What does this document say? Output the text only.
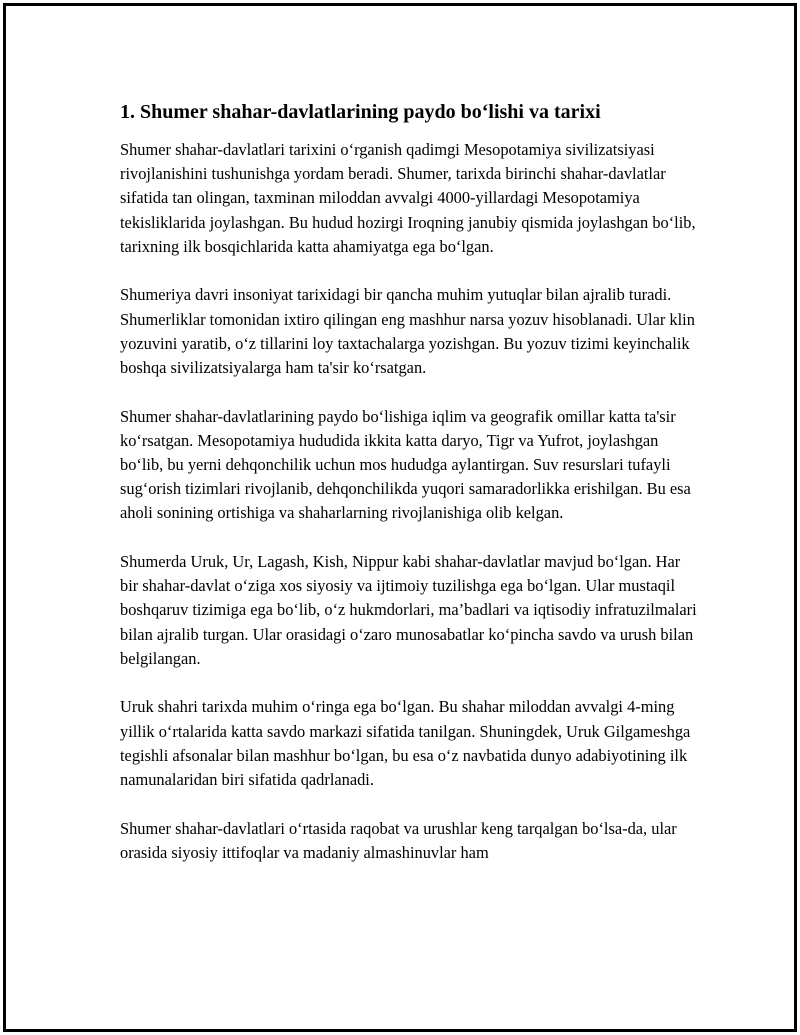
1. Shumer shahar-davlatlarining paydo bo‘lishi va tarixi

Shumer shahar-davlatlari tarixini o‘rganish qadimgi Mesopotamiya sivilizatsiyasi rivojlanishini tushunishga yordam beradi. Shumer, tarixda birinchi shahar-davlatlar sifatida tan olingan, taxminan miloddan avvalgi 4000-yillardagi Mesopotamiya tekisliklarida joylashgan. Bu hudud hozirgi Iroqning janubiy qismida joylashgan bo‘lib, tarixning ilk bosqichlarida katta ahamiyatga ega bo‘lgan.

Shumeriya davri insoniyat tarixidagi bir qancha muhim yutuqlar bilan ajralib turadi. Shumerliklar tomonidan ixtiro qilingan eng mashhur narsa yozuv hisoblanadi. Ular klin yozuvini yaratib, o‘z tillarini loy taxtachalarga yozishgan. Bu yozuv tizimi keyinchalik boshqa sivilizatsiyalarga ham ta'sir ko‘rsatgan.

Shumer shahar-davlatlarining paydo bo‘lishiga iqlim va geografik omillar katta ta'sir ko‘rsatgan. Mesopotamiya hududida ikkita katta daryo, Tigr va Yufrot, joylashgan bo‘lib, bu yerni dehqonchilik uchun mos hududga aylantirgan. Suv resurslari tufayli sug‘orish tizimlari rivojlanib, dehqonchilikda yuqori samaradorlikka erishilgan. Bu esa aholi sonining ortishiga va shaharlarning rivojlanishiga olib kelgan.

Shumerda Uruk, Ur, Lagash, Kish, Nippur kabi shahar-davlatlar mavjud bo‘lgan. Har bir shahar-davlat o‘ziga xos siyosiy va ijtimoiy tuzilishga ega bo‘lgan. Ular mustaqil boshqaruv tizimiga ega bo‘lib, o‘z hukmdorlari, ma’badlari va iqtisodiy infratuzilmalari bilan ajralib turgan. Ular orasidagi o‘zaro munosabatlar ko‘pincha savdo va urush bilan belgilangan.

Uruk shahri tarixda muhim o‘ringa ega bo‘lgan. Bu shahar miloddan avvalgi 4-ming yillik o‘rtalarida katta savdo markazi sifatida tanilgan. Shuningdek, Uruk Gilgameshga tegishli afsonalar bilan mashhur bo‘lgan, bu esa o‘z navbatida dunyo adabiyotining ilk namunalaridan biri sifatida qadrlanadi.

Shumer shahar-davlatlari o‘rtasida raqobat va urushlar keng tarqalgan bo‘lsa-da, ular orasida siyosiy ittifoqlar va madaniy almashinuvlar ham
